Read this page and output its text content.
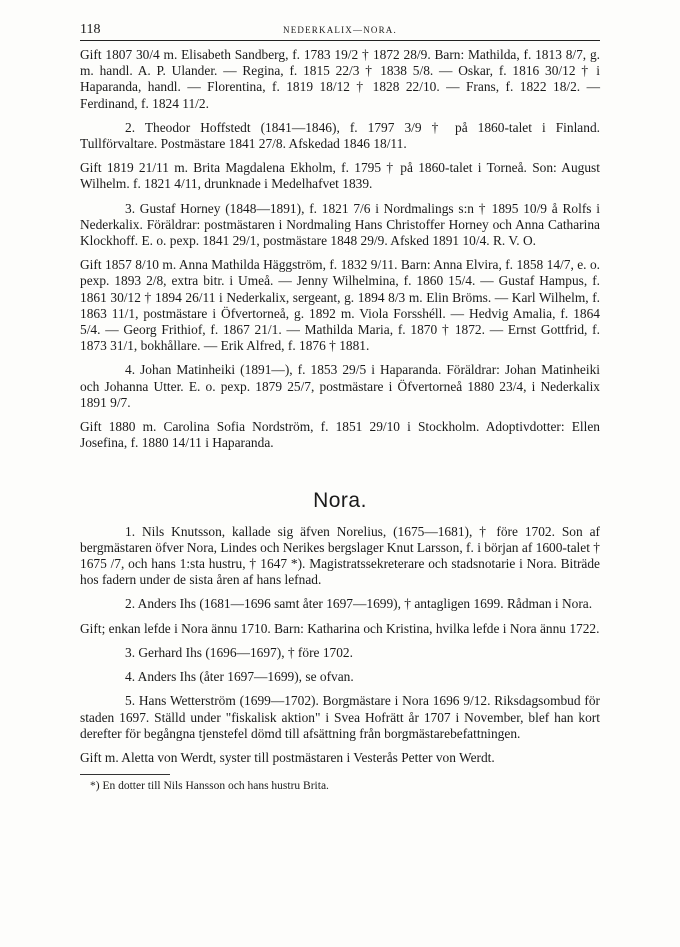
118	NEDERKALIX—NORA.

Gift 1807 30/4 m. Elisabeth Sandberg, f. 1783 19/2 † 1872 28/9. Barn: Mathilda, f. 1813 8/7, g. m. handl. A. P. Ulander. — Regina, f. 1815 22/3 † 1838 5/8. — Oskar, f. 1816 30/12 † i Haparanda, handl. — Florentina, f. 1819 18/12 † 1828 22/10. — Frans, f. 1822 18/2. — Ferdinand, f. 1824 11/2.

2. Theodor Hoffstedt (1841—1846), f. 1797 3/9 † på 1860-talet i Finland. Tullförvaltare. Postmästare 1841 27/8. Afskedad 1846 18/11.

Gift 1819 21/11 m. Brita Magdalena Ekholm, f. 1795 † på 1860-talet i Torneå. Son: August Wilhelm. f. 1821 4/11, drunknade i Medelhafvet 1839.

3. Gustaf Horney (1848—1891), f. 1821 7/6 i Nordmalings s:n † 1895 10/9 å Rolfs i Nederkalix. Föräldrar: postmästaren i Nordmaling Hans Christoffer Horney och Anna Catharina Klockhoff. E. o. pexp. 1841 29/1, postmästare 1848 29/9. Afsked 1891 10/4. R. V. O.

Gift 1857 8/10 m. Anna Mathilda Häggström, f. 1832 9/11. Barn: Anna Elvira, f. 1858 14/7, e. o. pexp. 1893 2/8, extra bitr. i Umeå. — Jenny Wilhelmina, f. 1860 15/4. — Gustaf Hampus, f. 1861 30/12 † 1894 26/11 i Nederkalix, sergeant, g. 1894 8/3 m. Elin Bröms. — Karl Wilhelm, f. 1863 11/1, postmästare i Öfvertorneå, g. 1892 m. Viola Forsshéll. — Hedvig Amalia, f. 1864 5/4. — Georg Frithiof, f. 1867 21/1. — Mathilda Maria, f. 1870 † 1872. — Ernst Gottfrid, f. 1873 31/1, bokhållare. — Erik Alfred, f. 1876 † 1881.

4. Johan Matinheiki (1891—), f. 1853 29/5 i Haparanda. Föräldrar: Johan Matinheiki och Johanna Utter. E. o. pexp. 1879 25/7, postmästare i Öfvertorneå 1880 23/4, i Nederkalix 1891 9/7.

Gift 1880 m. Carolina Sofia Nordström, f. 1851 29/10 i Stockholm. Adoptivdotter: Ellen Josefina, f. 1880 14/11 i Haparanda.

Nora.

1. Nils Knutsson, kallade sig äfven Norelius, (1675—1681), † före 1702. Son af bergmästaren öfver Nora, Lindes och Nerikes bergslager Knut Larsson, f. i början af 1600-talet † 1675 /7, och hans 1:sta hustru, † 1647 *). Magistratssekreterare och stadsnotarie i Nora. Biträde hos fadern under de sista åren af hans lefnad.

2. Anders Ihs (1681—1696 samt åter 1697—1699), † antagligen 1699. Rådman i Nora.

Gift; enkan lefde i Nora ännu 1710. Barn: Katharina och Kristina, hvilka lefde i Nora ännu 1722.

3. Gerhard Ihs (1696—1697), † före 1702.

4. Anders Ihs (åter 1697—1699), se ofvan.

5. Hans Wetterström (1699—1702). Borgmästare i Nora 1696 9/12. Riksdagsombud för staden 1697. Ställd under "fiskalisk aktion" i Svea Hofrätt år 1707 i November, blef han kort derefter för begångna tjenstefel dömd till afsättning från borgmästarebefattningen.

Gift m. Aletta von Werdt, syster till postmästaren i Vesterås Petter von Werdt.

*) En dotter till Nils Hansson och hans hustru Brita.
